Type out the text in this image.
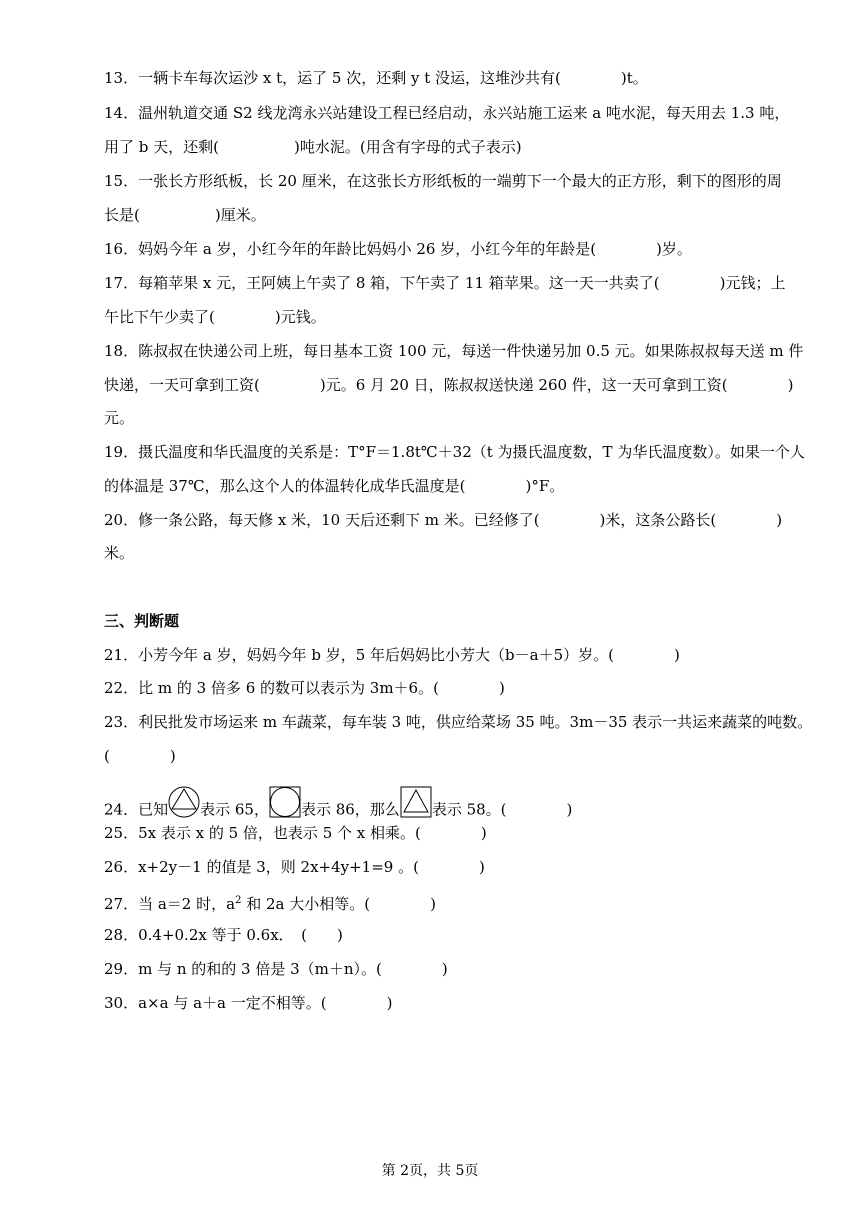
13．一辆卡车每次运沙 x t，运了 5 次，还剩 y t 没运，这堆沙共有(　　　　)t。
14．温州轨道交通 S2 线龙湾永兴站建设工程已经启动，永兴站施工运来 a 吨水泥，每天用去 1.3 吨，
用了 b 天，还剩(　　　　　)吨水泥。(用含有字母的式子表示)
15．一张长方形纸板，长 20 厘米，在这张长方形纸板的一端剪下一个最大的正方形，剩下的图形的周
长是(　　　　　)厘米。
16．妈妈今年 a 岁，小红今年的年龄比妈妈小 26 岁，小红今年的年龄是(　　　　)岁。
17．每箱苹果 x 元，王阿姨上午卖了 8 箱，下午卖了 11 箱苹果。这一天一共卖了(　　　　)元钱；上
午比下午少卖了(　　　　)元钱。
18．陈叔叔在快递公司上班，每日基本工资 100 元，每送一件快递另加 0.5 元。如果陈叔叔每天送 m 件
快递，一天可拿到工资(　　　　)元。6 月 20 日，陈叔叔送快递 260 件，这一天可拿到工资(　　　　)
元。
19．摄氏温度和华氏温度的关系是：T°F＝1.8t℃＋32（t 为摄氏温度数，T 为华氏温度数）。如果一个人
的体温是 37℃，那么这个人的体温转化成华氏温度是(　　　　)°F。
20．修一条公路，每天修 x 米，10 天后还剩下 m 米。已经修了(　　　　)米，这条公路长(　　　　)
米。
三、判断题
21．小芳今年 a 岁，妈妈今年 b 岁，5 年后妈妈比小芳大（b－a＋5）岁。(　　　　)
22．比 m 的 3 倍多 6 的数可以表示为 3m＋6。(　　　　)
23．利民批发市场运来 m 车蔬菜，每车装 3 吨，供应给菜场 35 吨。3m－35 表示一共运来蔬菜的吨数。
(　　　　)
24．已知 表示 65， 表示 86，那么 表示 58。(　　　　)
25．5x 表示 x 的 5 倍，也表示 5 个 x 相乘。(　　　　)
26．x+2y－1 的值是 3，则 2x+4y+1=9 。(　　　　)
27．当 a＝2 时，$a^2$ 和 2a 大小相等。(　　　　)
28．0.4+0.2x 等于 0.6x．　(　　)
29．m 与 n 的和的 3 倍是 3（m＋n）。(　　　　)
30．a×a 与 a＋a 一定不相等。(　　　　)
第 2页，共 5页
